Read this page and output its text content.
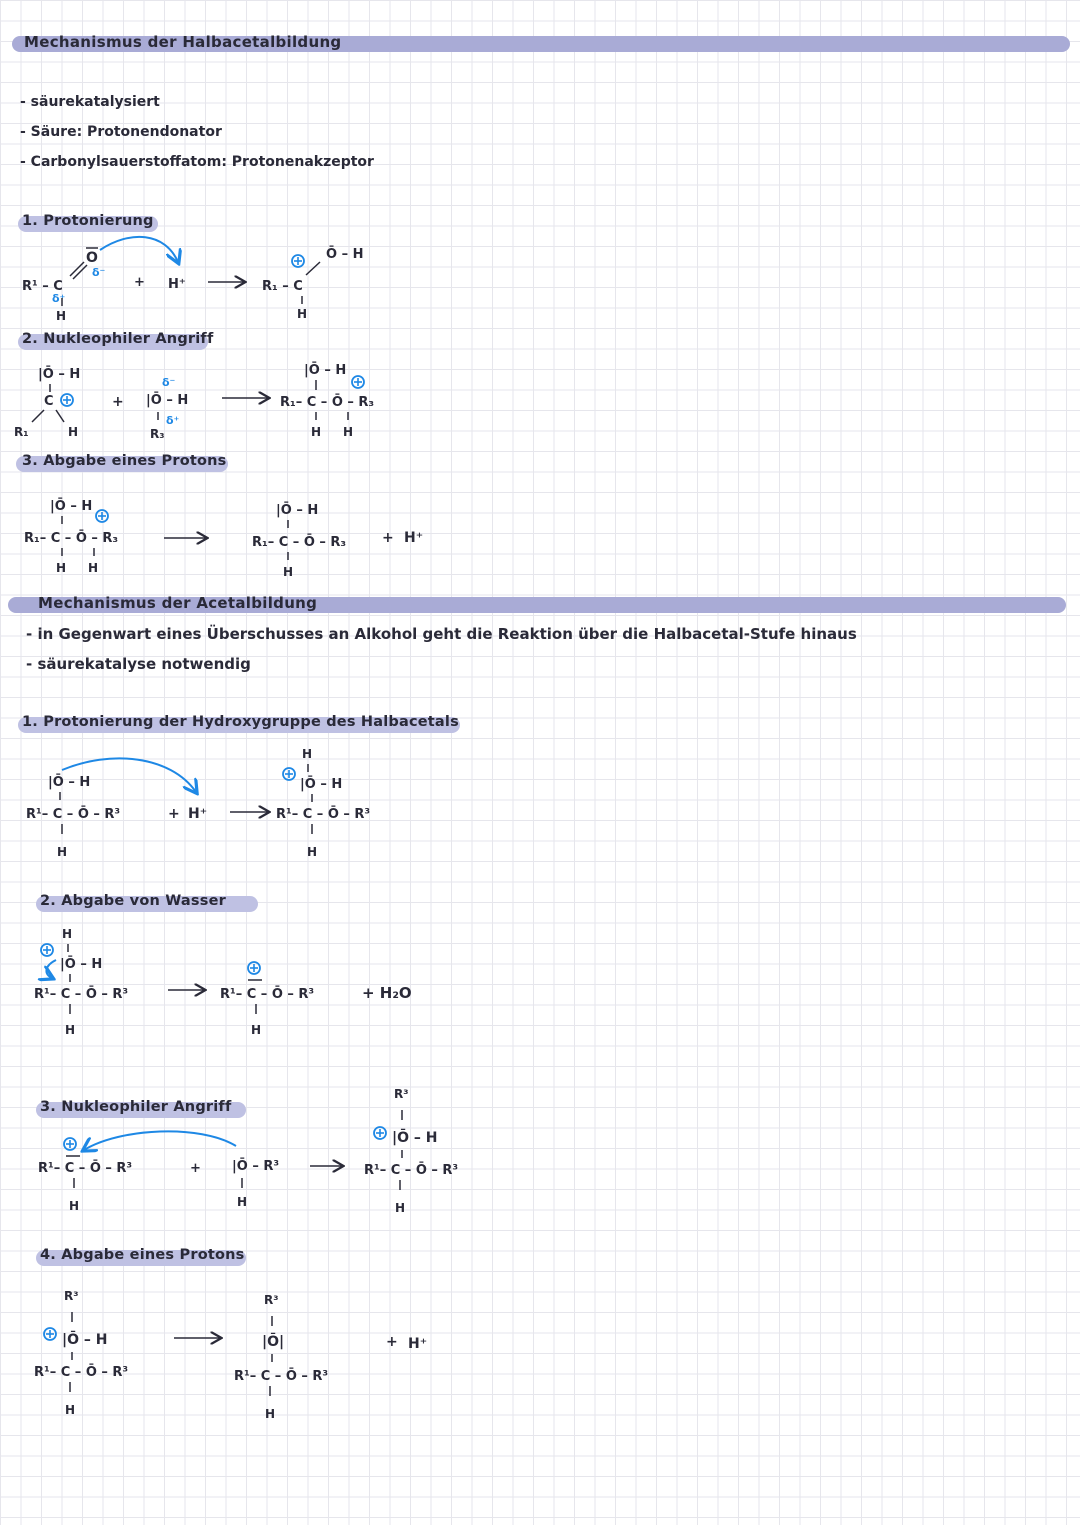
Mechanismus der Halbacetalbildung
- säurekatalysiert
- Säure: Protonendonator
- Carbonylsauerstoffatom: Protonenakzeptor
1. Protonierung
2. Nukleophiler Angriff
3. Abgabe eines Protons
Mechanismus der Acetalbildung
- in Gegenwart eines Überschusses an Alkohol geht die Reaktion über die Halbacetal-Stufe hinaus
- säurekatalyse notwendig
1. Protonierung der Hydroxygruppe des Halbacetals
2. Abgabe von Wasser
3. Nukleophiler Angriff
4. Abgabe eines Protons
R¹ – C
O
δ⁻
δ⁺
H
+ H⁺	R₁ – C
Ō – H
H
|Ō – H
C
R₁	H
+
δ⁻
|Ō – H
δ⁺
R₃
|Ō – H
R₁– C – Ō – R₃
H H
|Ō – H
R₁– C – Ō – R₃
H H
|Ō – H
R₁– C – Ō – R₃
H
+ H⁺
|Ō – H
R¹– C – Ō – R³
H
+ H⁺
H
|Ō – H
R¹– C – Ō – R³
H
H
|Ō – H
R¹– C – Ō – R³
H
R¹– C – Ō – R³
H
+ H₂O
R¹– C – Ō – R³
H
+ |Ō – R³
H
R³
|Ō – H
R¹– C – Ō – R³
H
R³
|Ō – H
R¹– C – Ō – R³
H
R³
|Ō|
R¹– C – Ō – R³
H
+ H⁺
